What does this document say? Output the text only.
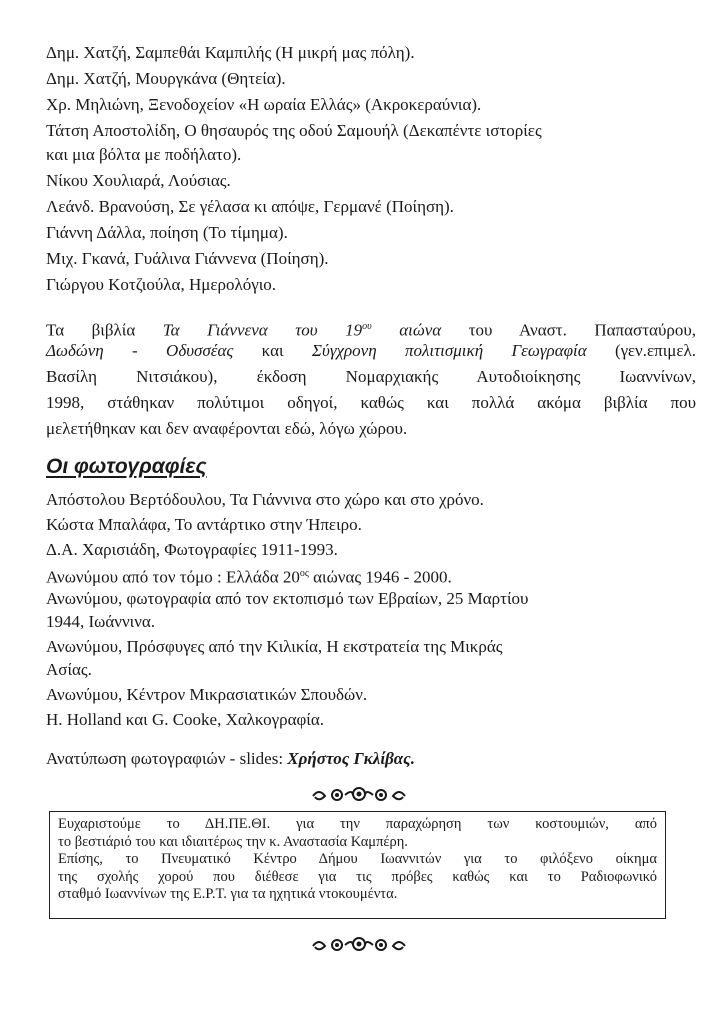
Δημ. Χατζή, Σαμπεθάι Καμπιλής (Η μικρή μας πόλη).
Δημ. Χατζή, Μουργκάνα (Θητεία).
Χρ. Μηλιώνη, Ξενοδοχείον «Η ωραία Ελλάς» (Ακροκεραύνια).
Τάτση Αποστολίδη, Ο θησαυρός της οδού Σαμουήλ (Δεκαπέντε ιστορίες
και μια βόλτα με ποδήλατο).
Νίκου Χουλιαρά, Λούσιας.
Λεάνδ. Βρανούση, Σε γέλασα κι απόψε, Γερμανέ (Ποίηση).
Γιάννη Δάλλα, ποίηση (Το τίμημα).
Μιχ. Γκανά, Γυάλινα Γιάννενα (Ποίηση).
Γιώργου Κοτζιούλα, Ημερολόγιο.
Τα βιβλία Τα Γιάννενα του $19^{o\upsilon}$ αιώνα του Αναστ. Παπασταύρου,
Δωδώνη - Οδυσσέας και Σύγχρονη πολιτισμική Γεωγραφία (γεν.επιμελ.
Βασίλη Νιτσιάκου), έκδοση Νομαρχιακής Αυτοδιοίκησης Ιωαννίνων,
1998, στάθηκαν πολύτιμοι οδηγοί, καθώς και πολλά ακόμα βιβλία που
μελετήθηκαν και δεν αναφέρονται εδώ, λόγω χώρου.
Οι φωτογραφίες
Απόστολου Βερτόδουλου, Τα Γιάννινα στο χώρο και στο χρόνο.
Κώστα Μπαλάφα, Το αντάρτικο στην Ήπειρο.
Δ.Α. Χαρισιάδη, Φωτογραφίες 1911-1993.
Ανωνύμου από τον τόμο : Ελλάδα $20^{o\varsigma}$ αιώνας 1946 - 2000.
Ανωνύμου, φωτογραφία από τον εκτοπισμό των Εβραίων, 25 Μαρτίου
1944, Ιωάννινα.
Ανωνύμου, Πρόσφυγες από την Κιλικία, Η εκστρατεία της Μικράς
Ασίας.
Ανωνύμου, Κέντρον Μικρασιατικών Σπουδών.
H. Holland και G. Cooke, Χαλκογραφία.
Ανατύπωση φωτογραφιών - slides: Χρήστος Γκλίβας.
Ευχαριστούμε το ΔΗ.ΠΕ.ΘΙ. για την παραχώρηση των κοστουμιών, από
το βεστιάριό του και ιδιαιτέρως την κ. Αναστασία Καμπέρη.
Επίσης, το Πνευματικό Κέντρο Δήμου Ιωαννιτών για το φιλόξενο οίκημα
της σχολής χορού που διέθεσε για τις πρόβες καθώς και το Ραδιοφωνικό
σταθμό Ιωαννίνων της Ε.Ρ.Τ. για τα ηχητικά ντοκουμέντα.
